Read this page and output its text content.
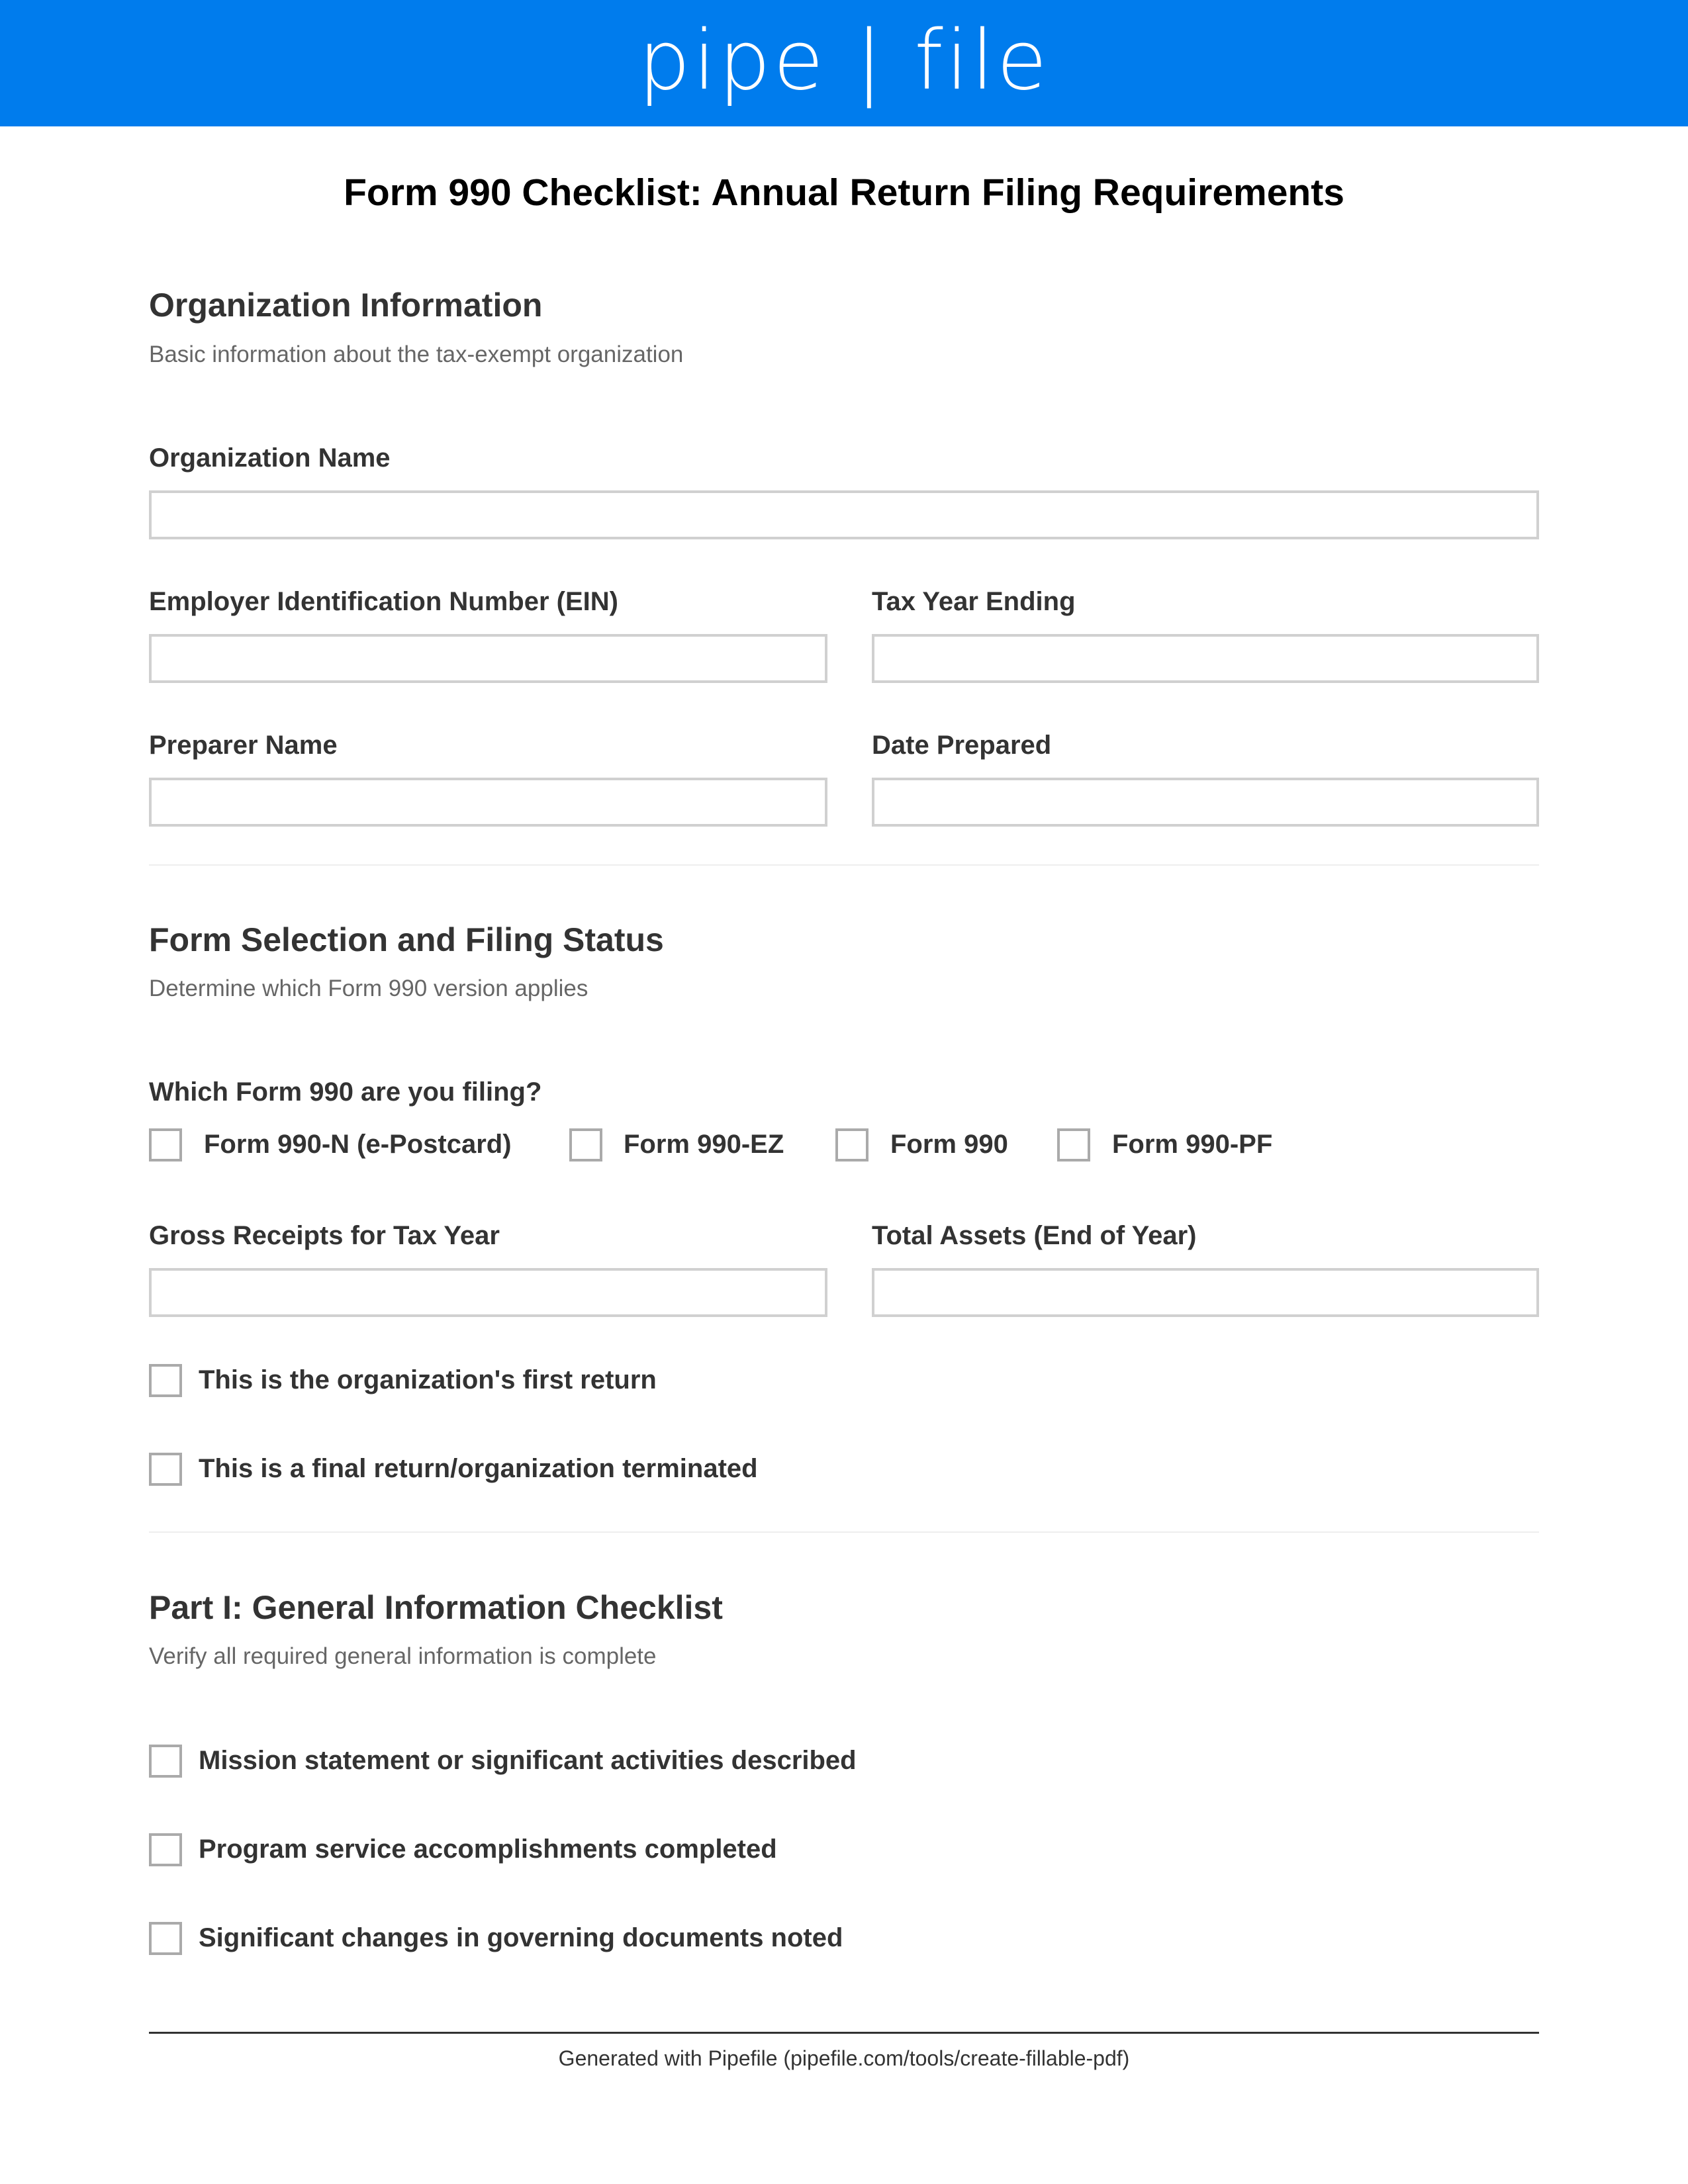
pipe | file
Form 990 Checklist: Annual Return Filing Requirements
Organization Information

Basic information about the tax-exempt organization

Organization Name
Employer Identification Number (EIN)	Tax Year Ending
Preparer Name	Date Prepared
Form Selection and Filing Status

Determine which Form 990 version applies

Which Form 990 are you filing?
Form 990-N (e-Postcard)	Form 990-EZ	Form 990	Form 990-PF
Gross Receipts for Tax Year	Total Assets (End of Year)
This is the organization's first return
This is a final return/organization terminated
Part I: General Information Checklist

Verify all required general information is complete

Mission statement or significant activities described
Program service accomplishments completed
Significant changes in governing documents noted

Generated with Pipefile (pipefile.com/tools/create-fillable-pdf)
